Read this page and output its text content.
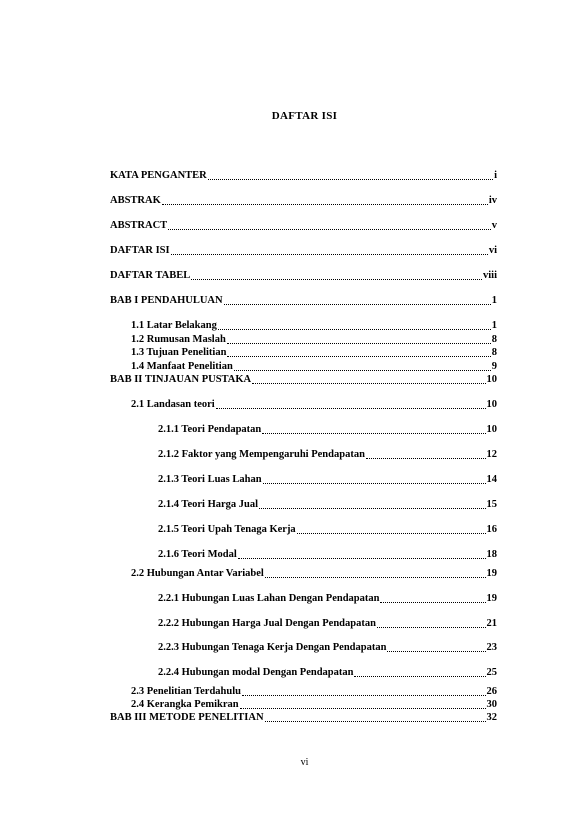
DAFTAR ISI
KATA PENGANTER	i
ABSTRAK	iv
ABSTRACT	v
DAFTAR ISI	vi
DAFTAR TABEL	viii
BAB I PENDAHULUAN	1
1.1 Latar Belakang	1
1.2 Rumusan Maslah	8
1.3 Tujuan Penelitian	8
1.4 Manfaat Penelitian	9
BAB II TINJAUAN PUSTAKA	10
2.1 Landasan teori	10
2.1.1 Teori Pendapatan	10
2.1.2 Faktor yang Mempengaruhi Pendapatan	12
2.1.3 Teori Luas Lahan	14
2.1.4 Teori Harga Jual	15
2.1.5 Teori Upah Tenaga Kerja	16
2.1.6 Teori Modal	18
2.2 Hubungan Antar Variabel	19
2.2.1 Hubungan Luas Lahan Dengan Pendapatan	19
2.2.2 Hubungan Harga Jual Dengan Pendapatan	21
2.2.3 Hubungan Tenaga Kerja Dengan Pendapatan	23
2.2.4 Hubungan modal Dengan Pendapatan	25
2.3 Penelitian Terdahulu	26
2.4 Kerangka Pemikran	30
BAB III METODE PENELITIAN	32
vi
